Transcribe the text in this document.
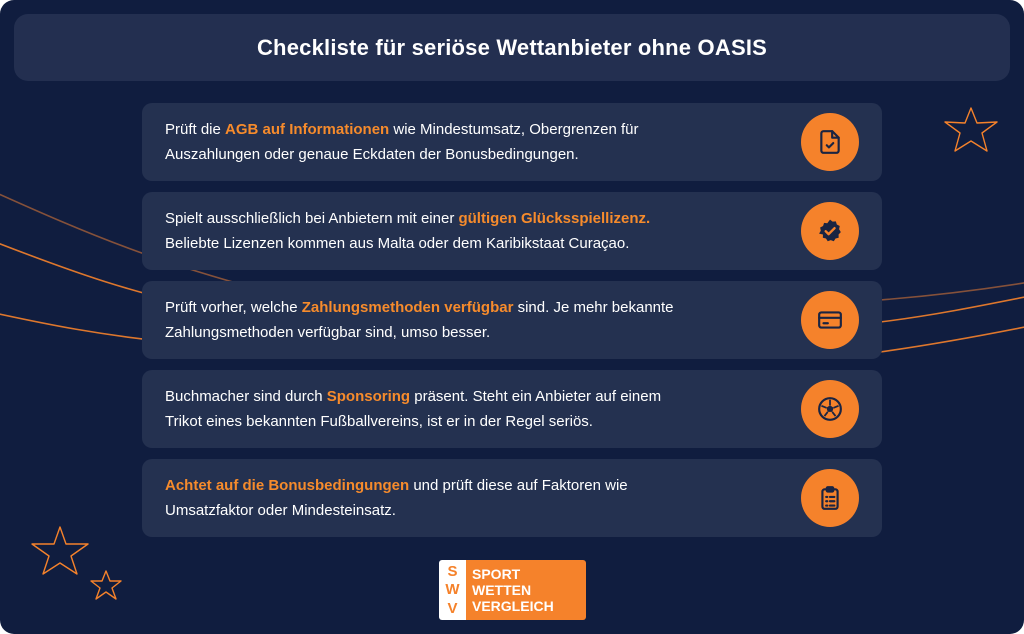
Checkliste für seriöse Wettanbieter ohne OASIS

Prüft die AGB auf Informationen wie Mindestumsatz, Obergrenzen für
Auszahlungen oder genaue Eckdaten der Bonusbedingungen.

Spielt ausschließlich bei Anbietern mit einer gültigen Glücksspiellizenz.
Beliebte Lizenzen kommen aus Malta oder dem Karibikstaat Curaçao.

Prüft vorher, welche Zahlungsmethoden verfügbar sind. Je mehr bekannte
Zahlungsmethoden verfügbar sind, umso besser.

Buchmacher sind durch Sponsoring präsent. Steht ein Anbieter auf einem
Trikot eines bekannten Fußballvereins, ist er in der Regel seriös.

Achtet auf die Bonusbedingungen und prüft diese auf Faktoren wie
Umsatzfaktor oder Mindesteinsatz.

S
W
V
SPORT
WETTEN
VERGLEICH
